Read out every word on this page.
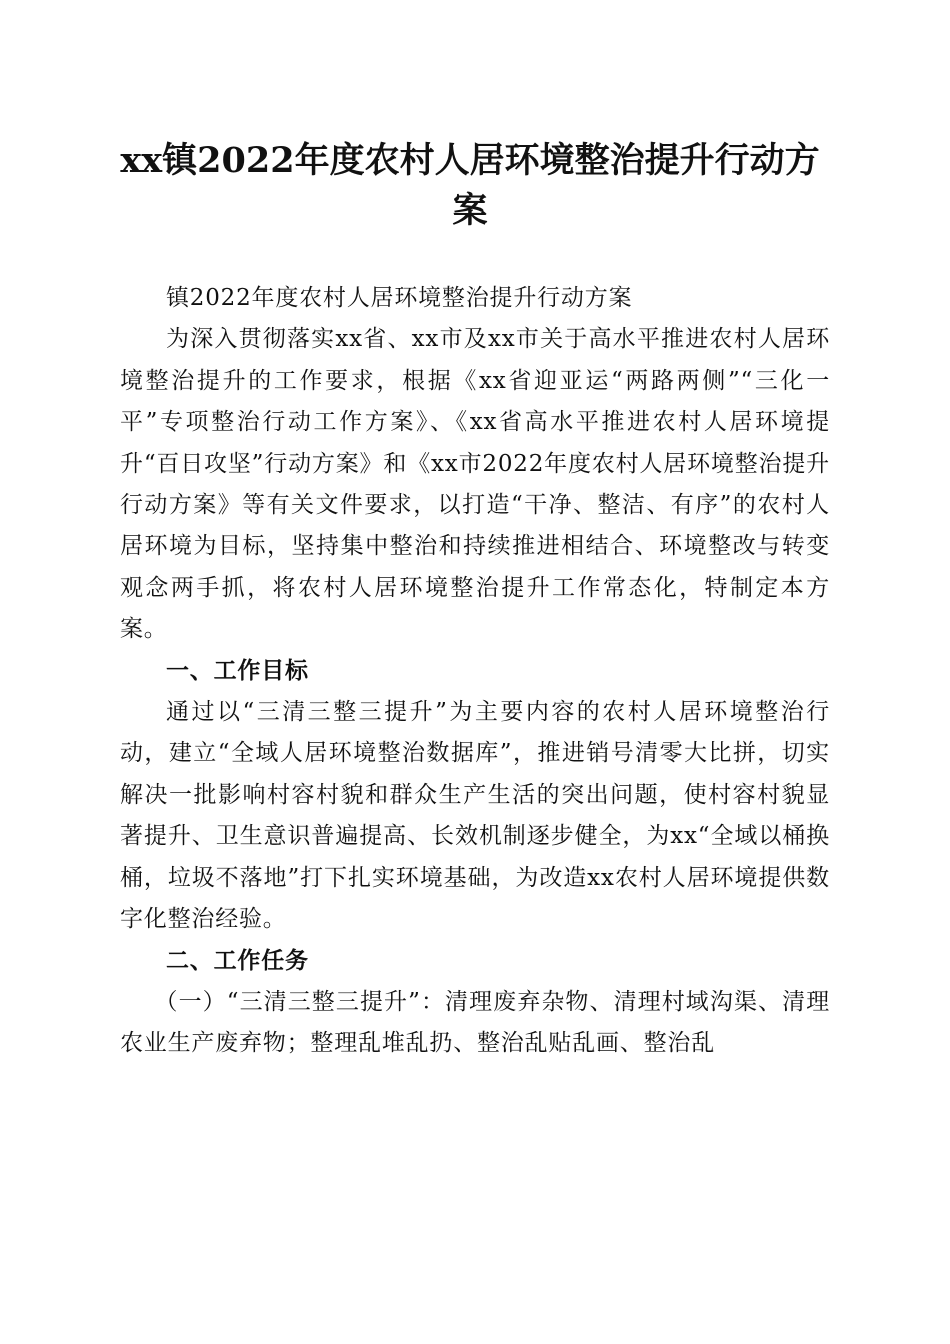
xx镇2022年度农村人居环境整治提升行动方案

镇2022年度农村人居环境整治提升行动方案

为深入贯彻落实xx省、xx市及xx市关于高水平推进农村人居环境整治提升的工作要求，根据《xx省迎亚运“两路两侧”“三化一平”专项整治行动工作方案》、《xx省高水平推进农村人居环境提升“百日攻坚”行动方案》和《xx市2022年度农村人居环境整治提升行动方案》等有关文件要求，以打造“干净、整洁、有序”的农村人居环境为目标，坚持集中整治和持续推进相结合、环境整改与转变观念两手抓，将农村人居环境整治提升工作常态化，特制定本方案。

一、工作目标

通过以“三清三整三提升”为主要内容的农村人居环境整治行动，建立“全域人居环境整治数据库”，推进销号清零大比拼，切实解决一批影响村容村貌和群众生产生活的突出问题，使村容村貌显著提升、卫生意识普遍提高、长效机制逐步健全，为xx“全域以桶换桶，垃圾不落地”打下扎实环境基础，为改造xx农村人居环境提供数字化整治经验。

二、工作任务

（一）“三清三整三提升”：清理废弃杂物、清理村域沟渠、清理农业生产废弃物；整理乱堆乱扔、整治乱贴乱画、整治乱
